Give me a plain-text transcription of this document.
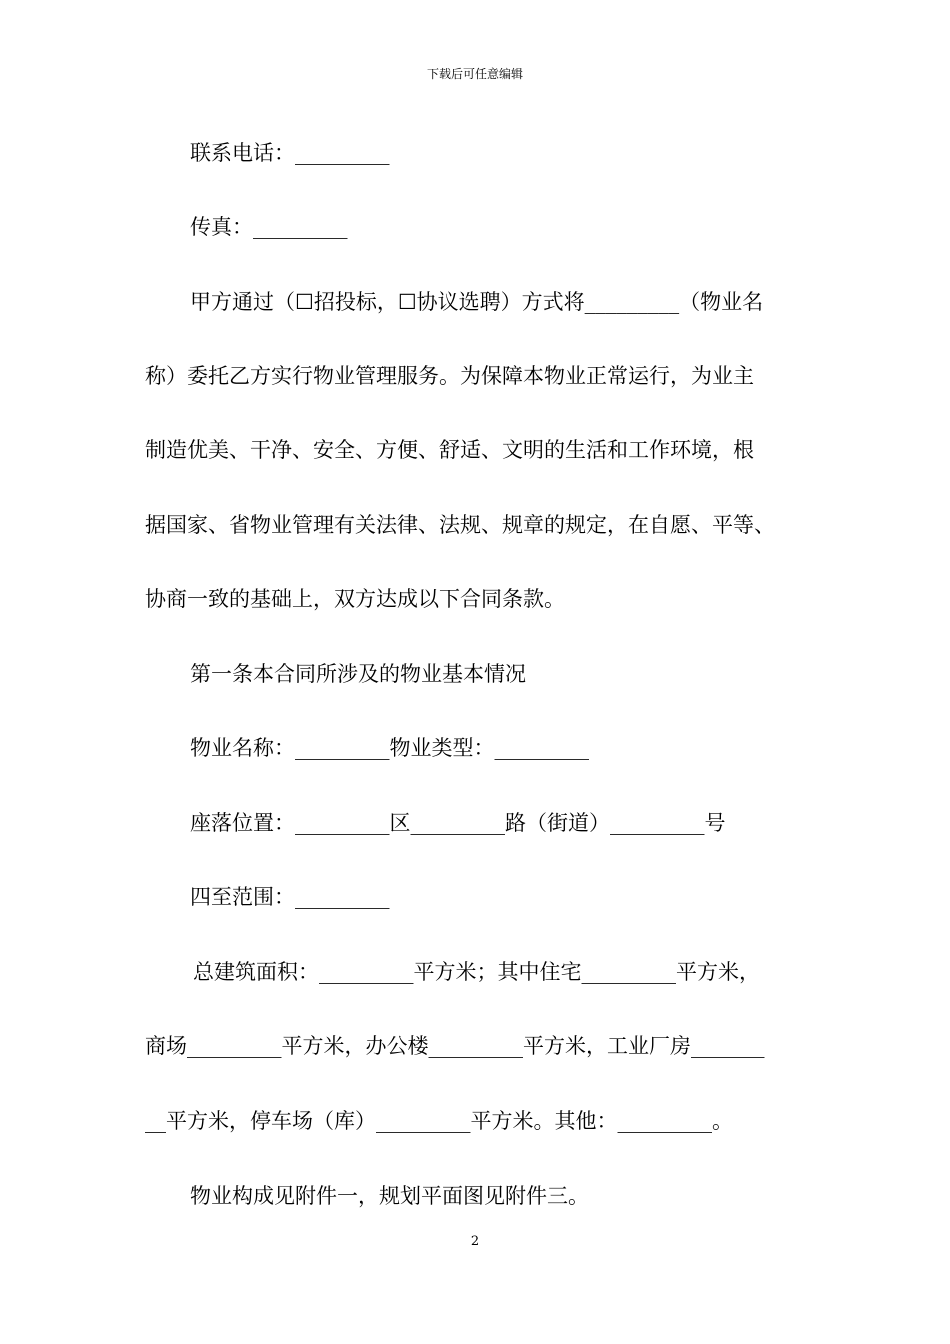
下载后可任意编辑
联系电话：_________
传真：_________
甲方通过（☐招投标，☐协议选聘）方式将_________（物业名
称）委托乙方实行物业管理服务。为保障本物业正常运行，为业主
制造优美、干净、安全、方便、舒适、文明的生活和工作环境，根
据国家、省物业管理有关法律、法规、规章的规定，在自愿、平等、
协商一致的基础上，双方达成以下合同条款。
第一条本合同所涉及的物业基本情况
物业名称：_________物业类型：_________
座落位置：_________区_________路（街道）_________号
四至范围：_________
总建筑面积：_________平方米；其中住宅_________平方米，
商场_________平方米，办公楼_________平方米，工业厂房_______
__平方米，停车场（库）_________平方米。其他：_________。
物业构成见附件一，规划平面图见附件三。
2
